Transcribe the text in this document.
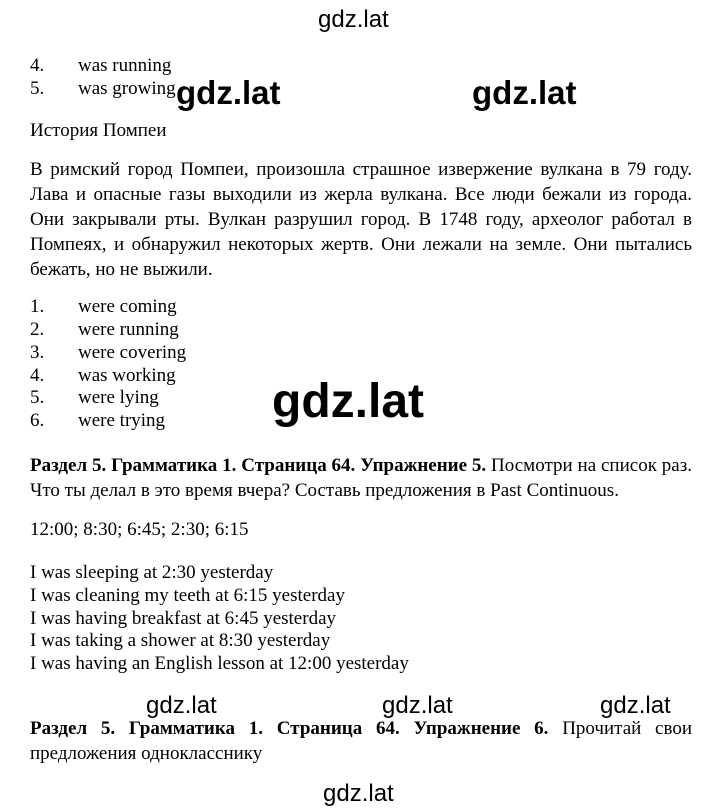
gdz.lat
4. was running
5. was growing gdz.lat	gdz.lat
История Помпеи
В римский город Помпеи, произошла страшное извержение вулкана в 79 году. Лава и опасные газы выходили из жерла вулкана. Все люди бежали из города. Они закрывали рты. Вулкан разрушил город. В 1748 году, археолог работал в Помпеях, и обнаружил некоторых жертв. Они лежали на земле. Они пытались бежать, но не выжили.
1. were coming
2. were running
3. were covering
4. was working
5. were lying
6. were trying gdz.lat
Раздел 5. Грамматика 1. Страница 64. Упражнение 5. Посмотри на список раз. Что ты делал в это время вчера? Составь предложения в Past Continuous.
12:00; 8:30; 6:45; 2:30; 6:15
I was sleeping at 2:30 yesterday
I was cleaning my teeth at 6:15 yesterday
I was having breakfast at 6:45 yesterday
I was taking a shower at 8:30 yesterday
I was having an English lesson at 12:00 yesterday
gdz.lat	gdz.lat	gdz.lat
Раздел 5. Грамматика 1. Страница 64. Упражнение 6. Прочитай свои предложения однокласснику
gdz.lat
